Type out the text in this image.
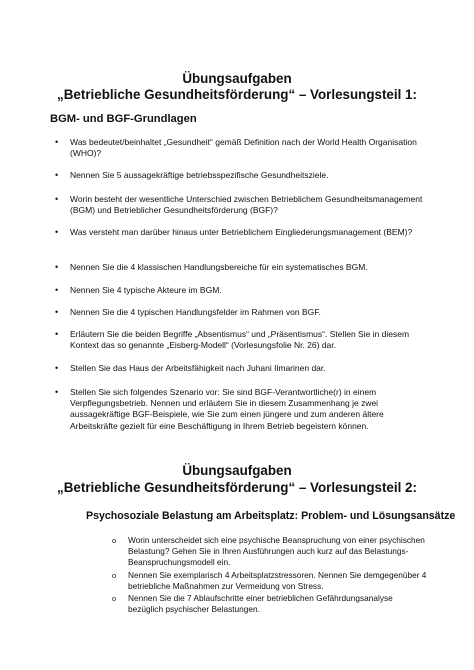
Übungsaufgaben
„Betriebliche Gesundheitsförderung“ – Vorlesungsteil 1:
BGM- und BGF-Grundlagen
• Was bedeutet/beinhaltet „Gesundheit“ gemäß Definition nach der World Health Organisation (WHO)?
• Nennen Sie 5 aussagekräftige betriebsspezifische Gesundheitsziele.
• Worin besteht der wesentliche Unterschied zwischen Betrieblichem Gesundheitsmanagement (BGM) und Betrieblicher Gesundheitsförderung (BGF)?
• Was versteht man darüber hinaus unter Betrieblichem Eingliederungsmanagement (BEM)?
• Nennen Sie die 4 klassischen Handlungsbereiche für ein systematisches BGM.
• Nennen Sie 4 typische Akteure im BGM.
• Nennen Sie die 4 typischen Handlungsfelder im Rahmen von BGF.
• Erläutern Sie die beiden Begriffe „Absentismus“ und „Präsentismus“. Stellen Sie in diesem Kontext das so genannte „Eisberg-Modell“ (Vorlesungsfolie Nr. 26) dar.
• Stellen Sie das Haus der Arbeitsfähigkeit nach Juhani Ilmarinen dar.
• Stellen Sie sich folgendes Szenario vor: Sie sind BGF-Verantwortliche(r) in einem Verpflegungsbetrieb. Nennen und erläutern Sie in diesem Zusammenhang je zwei aussagekräftige BGF-Beispiele, wie Sie zum einen jüngere und zum anderen ältere Arbeitskräfte gezielt für eine Beschäftigung in Ihrem Betrieb begeistern können.
Übungsaufgaben
„Betriebliche Gesundheitsförderung“ – Vorlesungsteil 2:
Psychosoziale Belastung am Arbeitsplatz: Problem- und Lösungsansätze
o Worin unterscheidet sich eine psychische Beanspruchung von einer psychischen Belastung? Gehen Sie in Ihren Ausführungen auch kurz auf das Belastungs- Beanspruchungsmodell ein.
o Nennen Sie exemplarisch 4 Arbeitsplatzstressoren. Nennen Sie demgegenüber 4 betriebliche Maßnahmen zur Vermeidung von Stress.
o Nennen Sie die 7 Ablaufschritte einer betrieblichen Gefährdungsanalyse bezüglich psychischer Belastungen.
